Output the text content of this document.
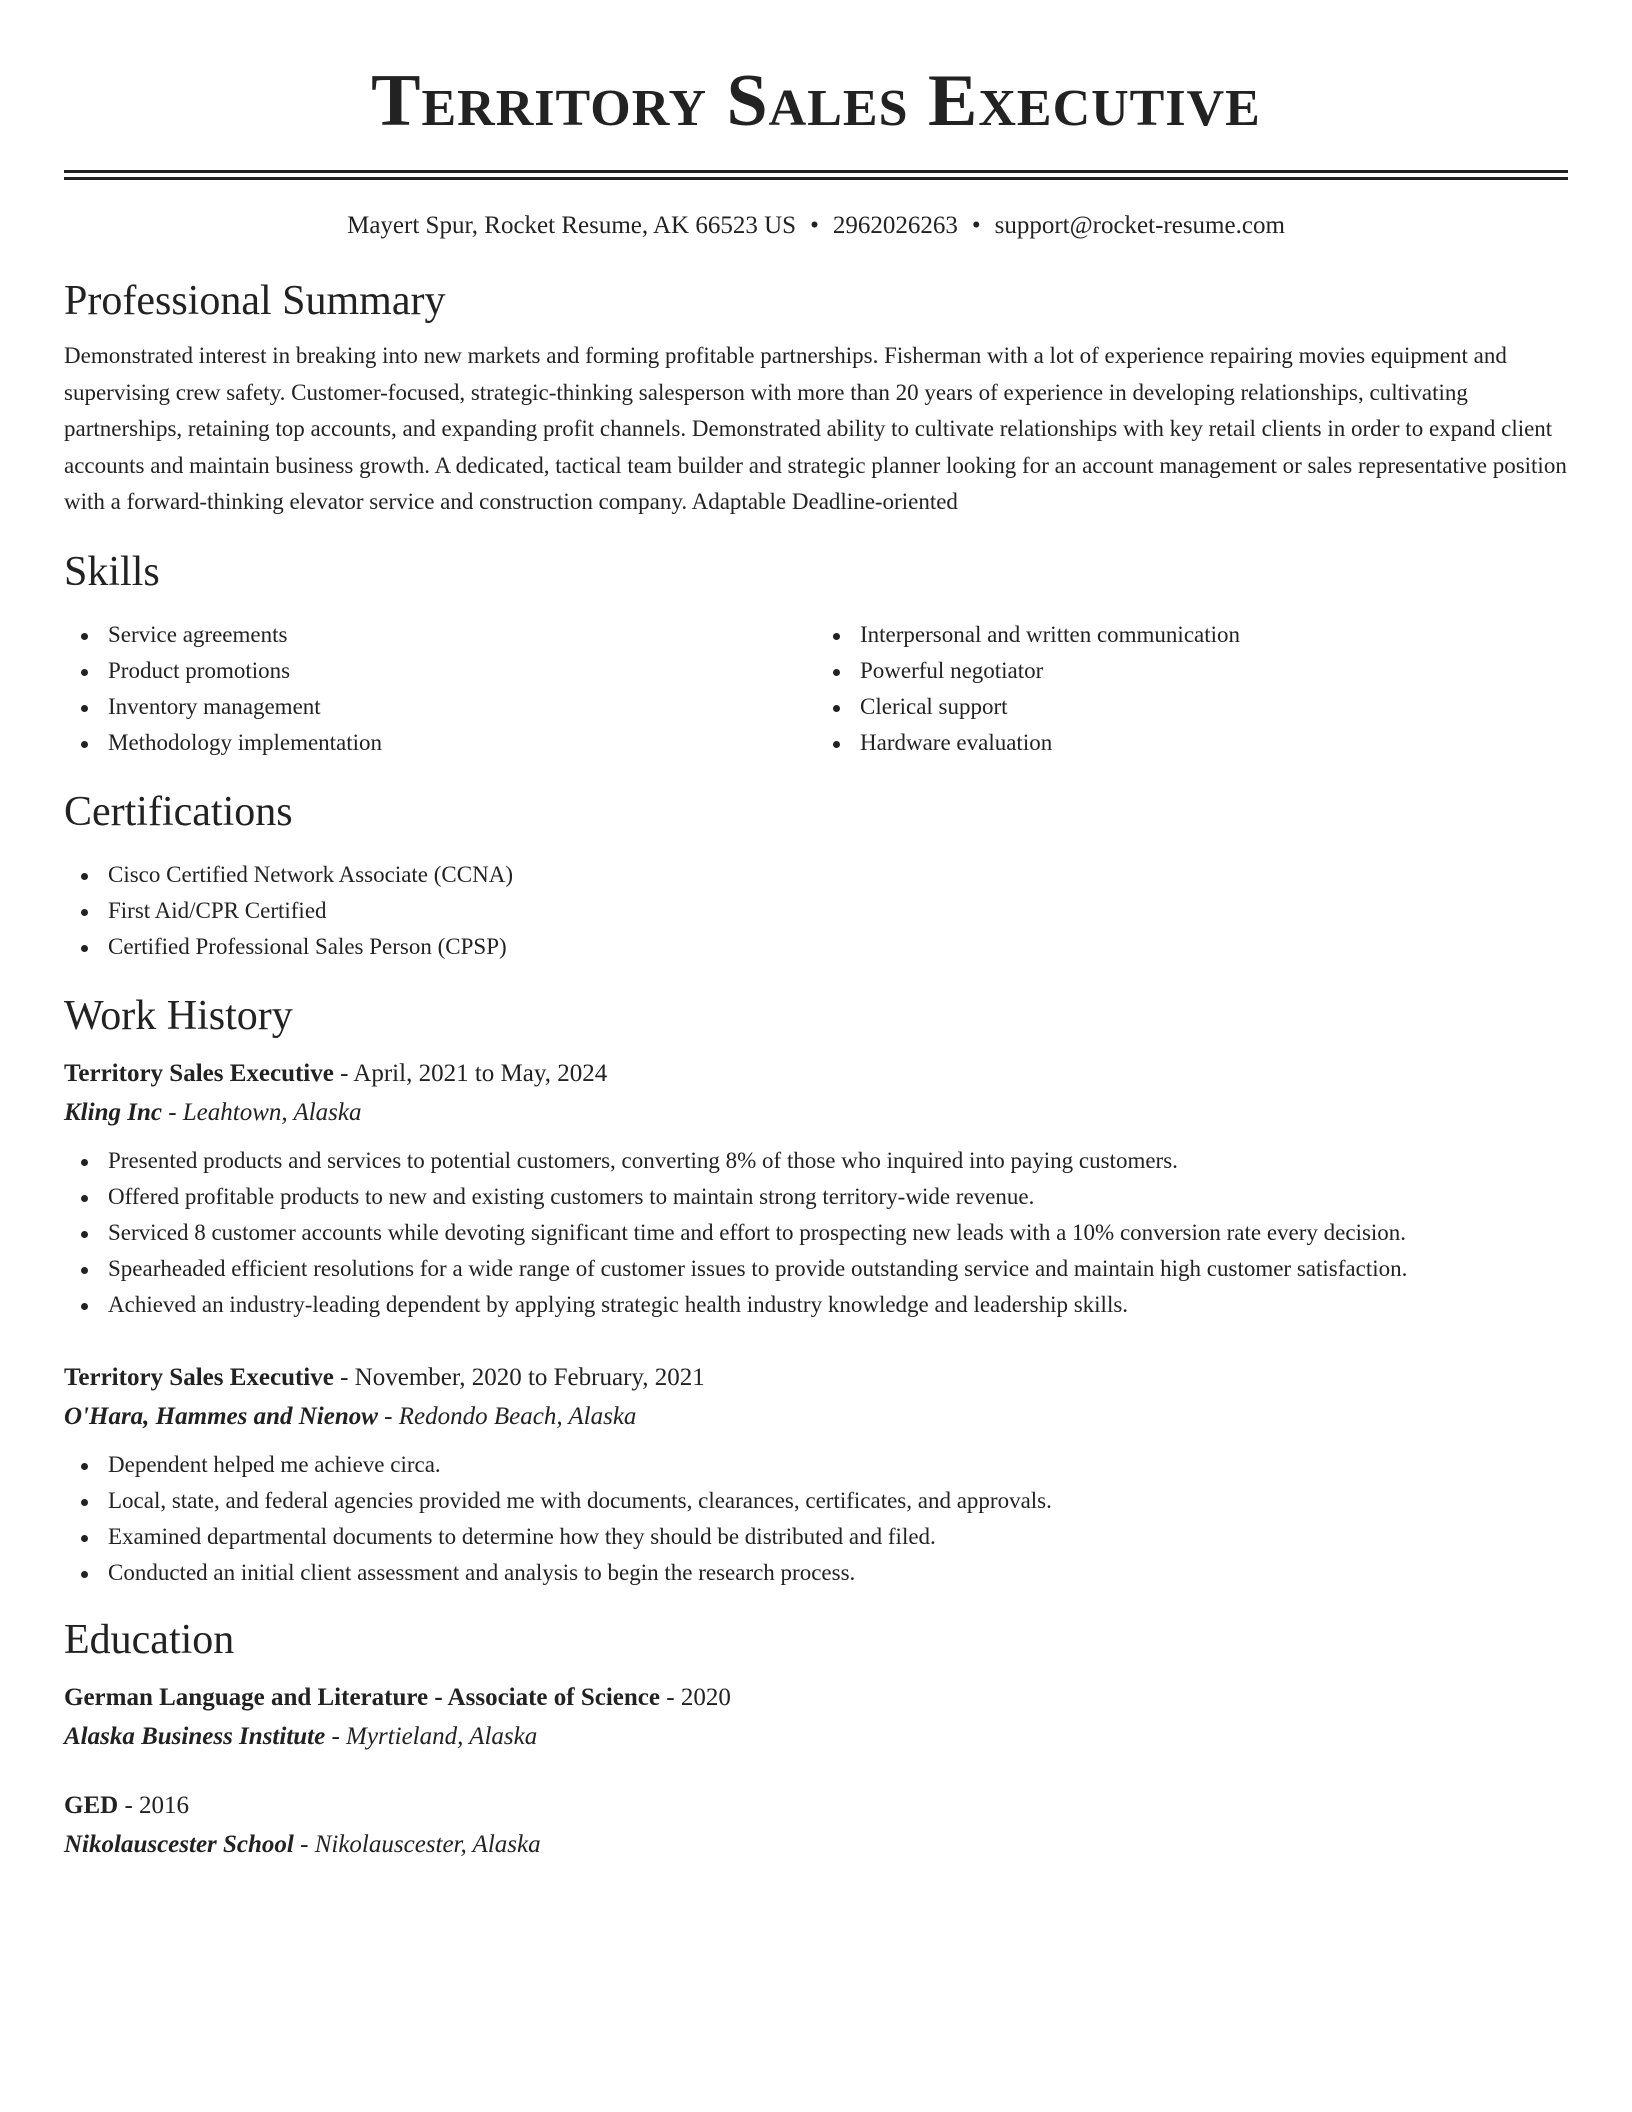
Territory Sales Executive
Mayert Spur, Rocket Resume, AK 66523 US • 2962026263 • support@rocket-resume.com
Professional Summary

Demonstrated interest in breaking into new markets and forming profitable partnerships. Fisherman with a lot of experience repairing movies equipment and supervising crew safety. Customer-focused, strategic-thinking salesperson with more than 20 years of experience in developing relationships, cultivating partnerships, retaining top accounts, and expanding profit channels. Demonstrated ability to cultivate relationships with key retail clients in order to expand client accounts and maintain business growth. A dedicated, tactical team builder and strategic planner looking for an account management or sales representative position with a forward-thinking elevator service and construction company. Adaptable Deadline-oriented

Skills
Service agreements
Product promotions
Inventory management
Methodology implementation
Interpersonal and written communication
Powerful negotiator
Clerical support
Hardware evaluation
Certifications
Cisco Certified Network Associate (CCNA)
First Aid/CPR Certified
Certified Professional Sales Person (CPSP)
Work History
Territory Sales Executive - April, 2021 to May, 2024
Kling Inc - Leahtown, Alaska
Presented products and services to potential customers, converting 8% of those who inquired into paying customers.
Offered profitable products to new and existing customers to maintain strong territory-wide revenue.
Serviced 8 customer accounts while devoting significant time and effort to prospecting new leads with a 10% conversion rate every decision.
Spearheaded efficient resolutions for a wide range of customer issues to provide outstanding service and maintain high customer satisfaction.
Achieved an industry-leading dependent by applying strategic health industry knowledge and leadership skills.
Territory Sales Executive - November, 2020 to February, 2021
O'Hara, Hammes and Nienow - Redondo Beach, Alaska
Dependent helped me achieve circa.
Local, state, and federal agencies provided me with documents, clearances, certificates, and approvals.
Examined departmental documents to determine how they should be distributed and filed.
Conducted an initial client assessment and analysis to begin the research process.
Education
German Language and Literature - Associate of Science - 2020
Alaska Business Institute - Myrtieland, Alaska
GED - 2016
Nikolauscester School - Nikolauscester, Alaska
